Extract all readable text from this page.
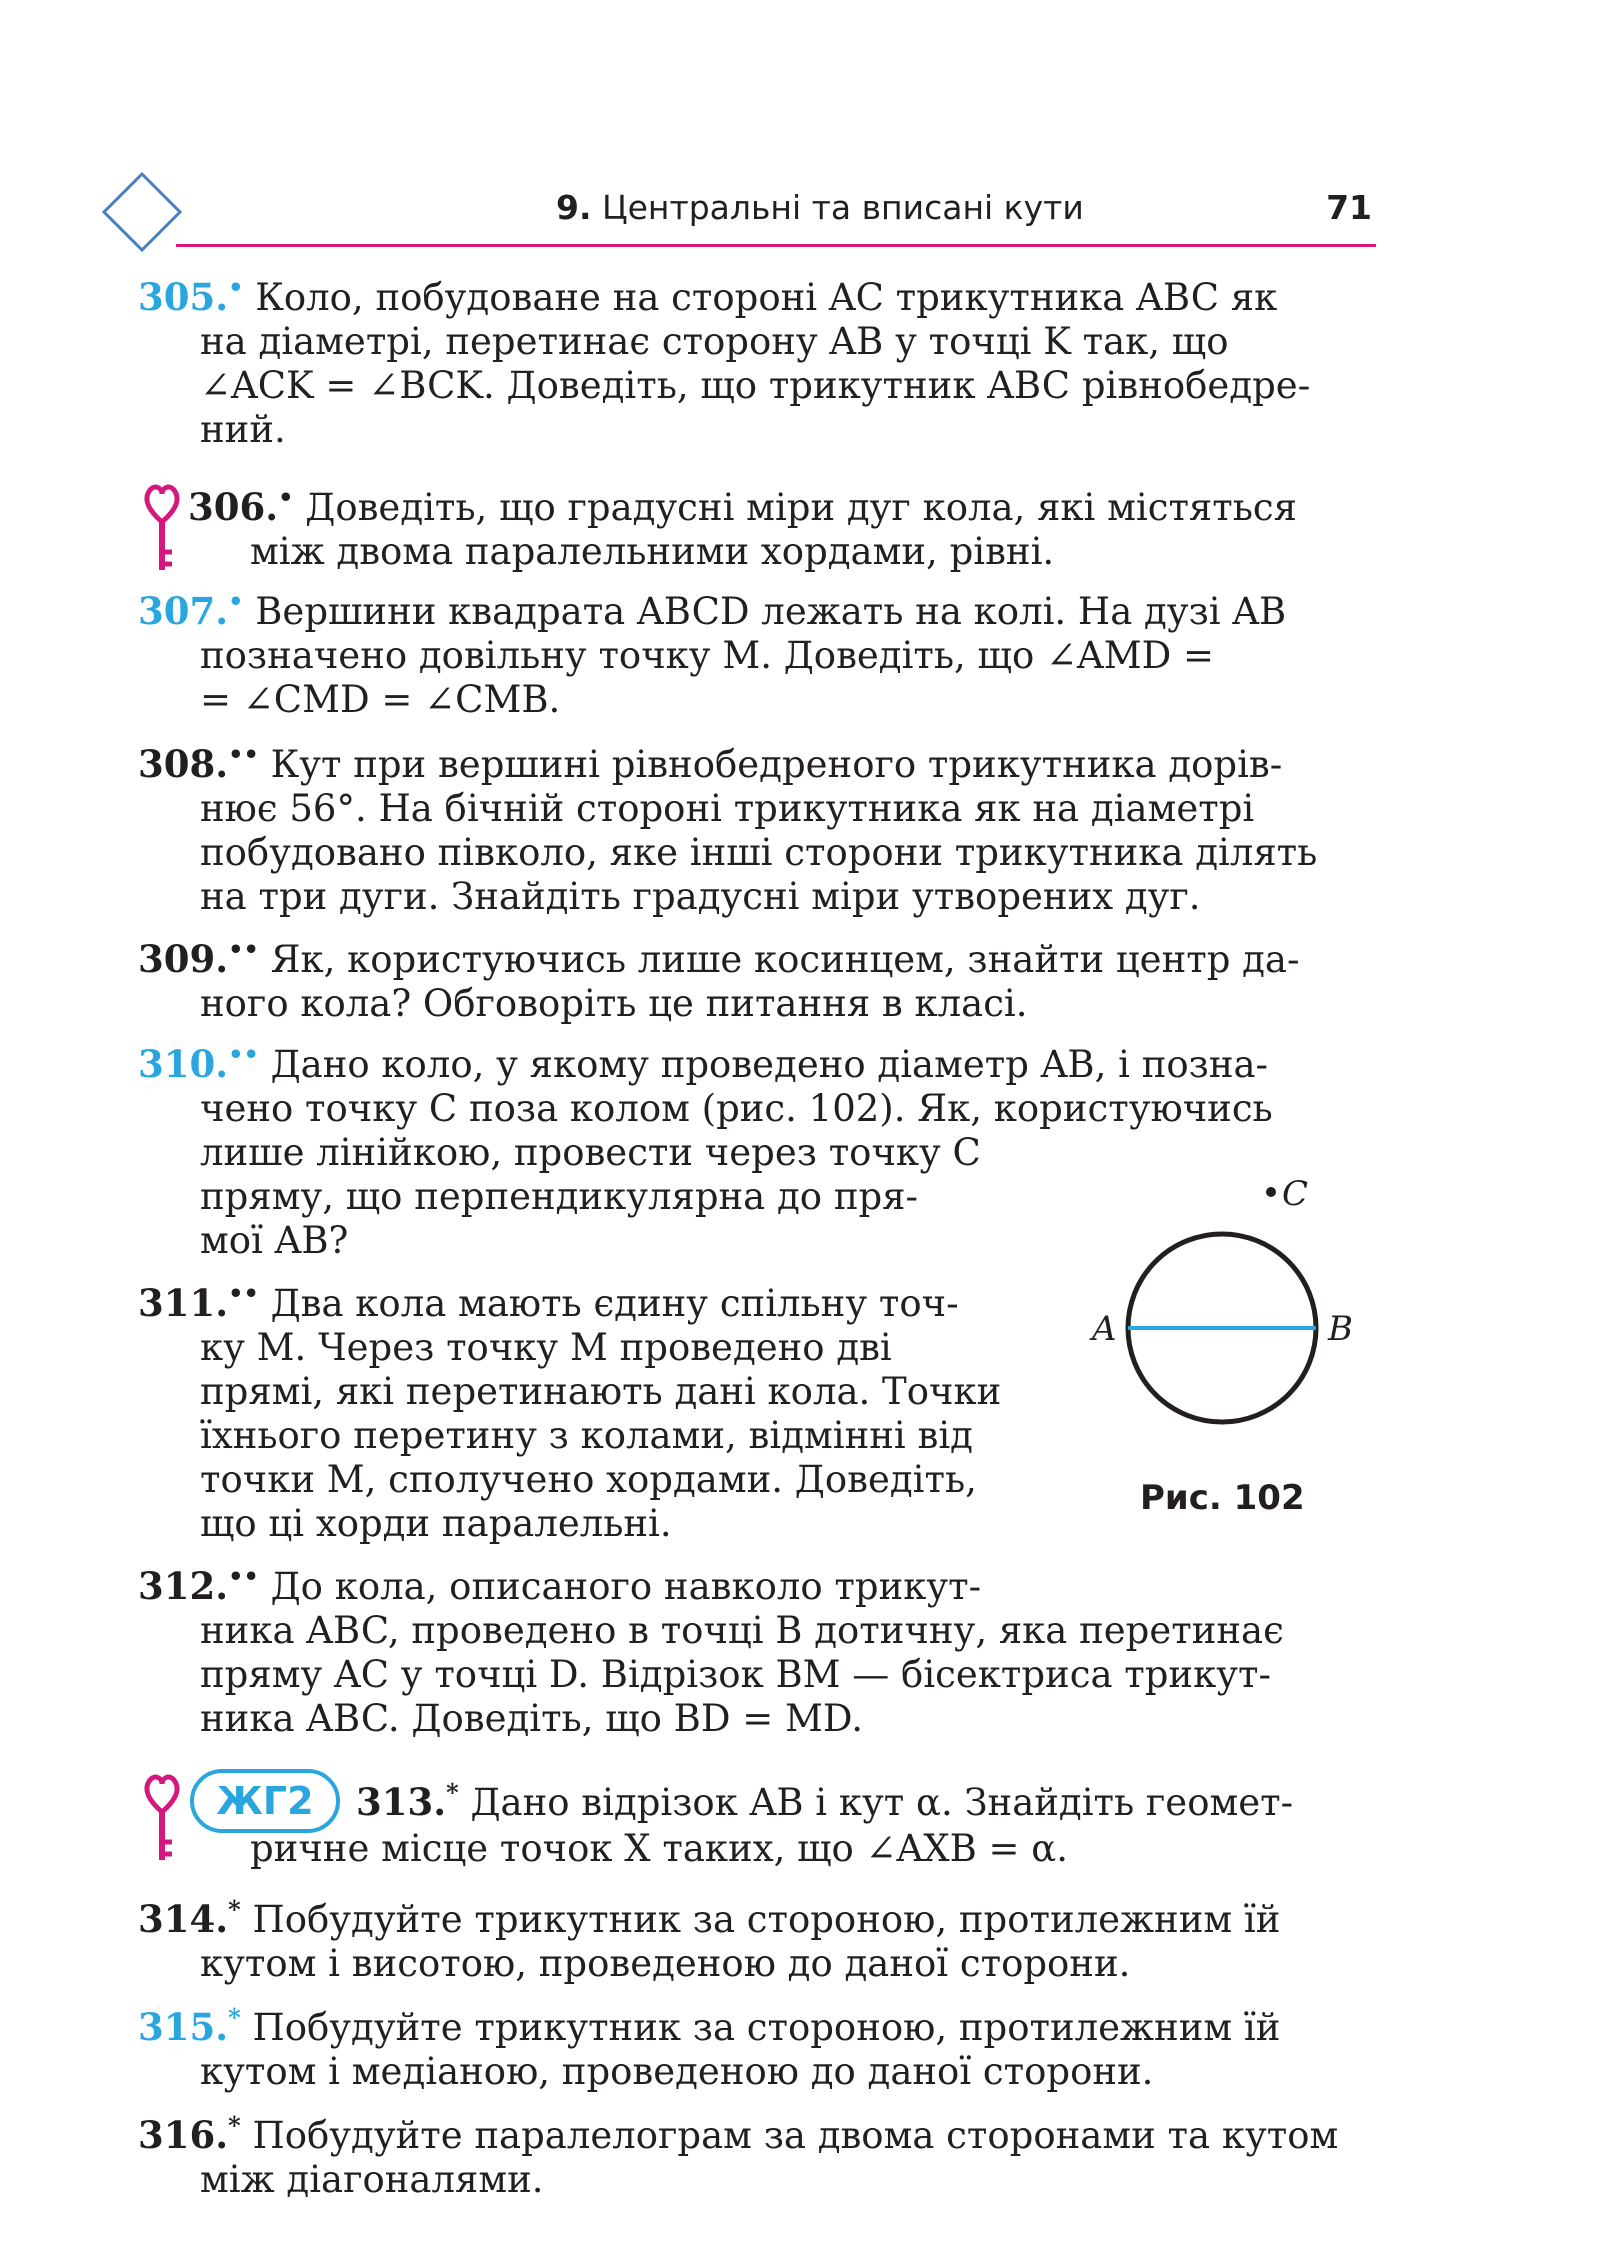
9. Центральні та вписані кути	71
305.• Коло, побудоване на стороні AC трикутника ABC як
на діаметрі, перетинає сторону AB у точці K так, що
∠ACK = ∠BCK. Доведіть, що трикутник ABC рівнобедре-
ний.
306.• Доведіть, що градусні міри дуг кола, які містяться
між двома паралельними хордами, рівні.
307.• Вершини квадрата ABCD лежать на колі. На дузі AB
позначено довільну точку M. Доведіть, що ∠AMD =
= ∠CMD = ∠CMB.
308.•• Кут при вершині рівнобедреного трикутника дорів-
нює 56°. На бічній стороні трикутника як на діаметрі
побудовано півколо, яке інші сторони трикутника ділять
на три дуги. Знайдіть градусні міри утворених дуг.
309.•• Як, користуючись лише косинцем, знайти центр да-
ного кола? Обговоріть це питання в класі.
310.•• Дано коло, у якому проведено діаметр AB, і позна-
чено точку C поза колом (рис. 102). Як, користуючись
лише лінійкою, провести через точку C
пряму, що перпендикулярна до пря-
мої AB?
C
A	B
Рис. 102
311.•• Два кола мають єдину спільну точ-
ку M. Через точку M проведено дві
прямі, які перетинають дані кола. Точки
їхнього перетину з колами, відмінні від
точки M, сполучено хордами. Доведіть,
що ці хорди паралельні.
312.•• До кола, описаного навколо трикут-
ника ABC, проведено в точці B дотичну, яка перетинає
пряму AC у точці D. Відрізок BM — бісектриса трикут-
ника ABC. Доведіть, що BD = MD.
ЖГ2	313.* Дано відрізок AB і кут α. Знайдіть геомет-
ричне місце точок X таких, що ∠AXB = α.
314.* Побудуйте трикутник за стороною, протилежним їй
кутом і висотою, проведеною до даної сторони.
315.* Побудуйте трикутник за стороною, протилежним їй
кутом і медіаною, проведеною до даної сторони.
316.* Побудуйте паралелограм за двома сторонами та кутом
між діагоналями.
